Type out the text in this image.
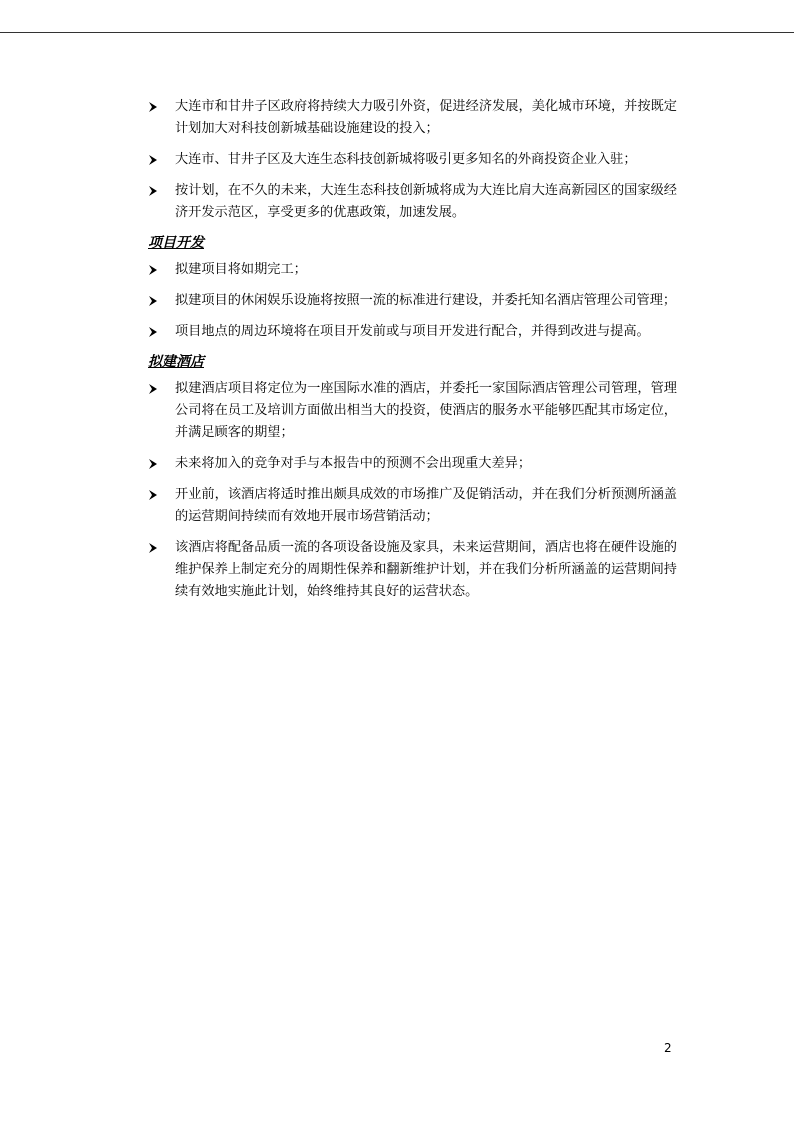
大连市和甘井子区政府将持续大力吸引外资，促进经济发展，美化城市环境，并按既定计划加大对科技创新城基础设施建设的投入；
大连市、甘井子区及大连生态科技创新城将吸引更多知名的外商投资企业入驻；
按计划，在不久的未来，大连生态科技创新城将成为大连比肩大连高新园区的国家级经济开发示范区，享受更多的优惠政策，加速发展。
项目开发
拟建项目将如期完工；
拟建项目的休闲娱乐设施将按照一流的标准进行建设，并委托知名酒店管理公司管理；
项目地点的周边环境将在项目开发前或与项目开发进行配合，并得到改进与提高。
拟建酒店
拟建酒店项目将定位为一座国际水准的酒店，并委托一家国际酒店管理公司管理，管理公司将在员工及培训方面做出相当大的投资，使酒店的服务水平能够匹配其市场定位，并满足顾客的期望；
未来将加入的竞争对手与本报告中的预测不会出现重大差异；
开业前，该酒店将适时推出颇具成效的市场推广及促销活动，并在我们分析预测所涵盖的运营期间持续而有效地开展市场营销活动；
该酒店将配备品质一流的各项设备设施及家具，未来运营期间，酒店也将在硬件设施的维护保养上制定充分的周期性保养和翻新维护计划，并在我们分析所涵盖的运营期间持续有效地实施此计划，始终维持其良好的运营状态。
2
